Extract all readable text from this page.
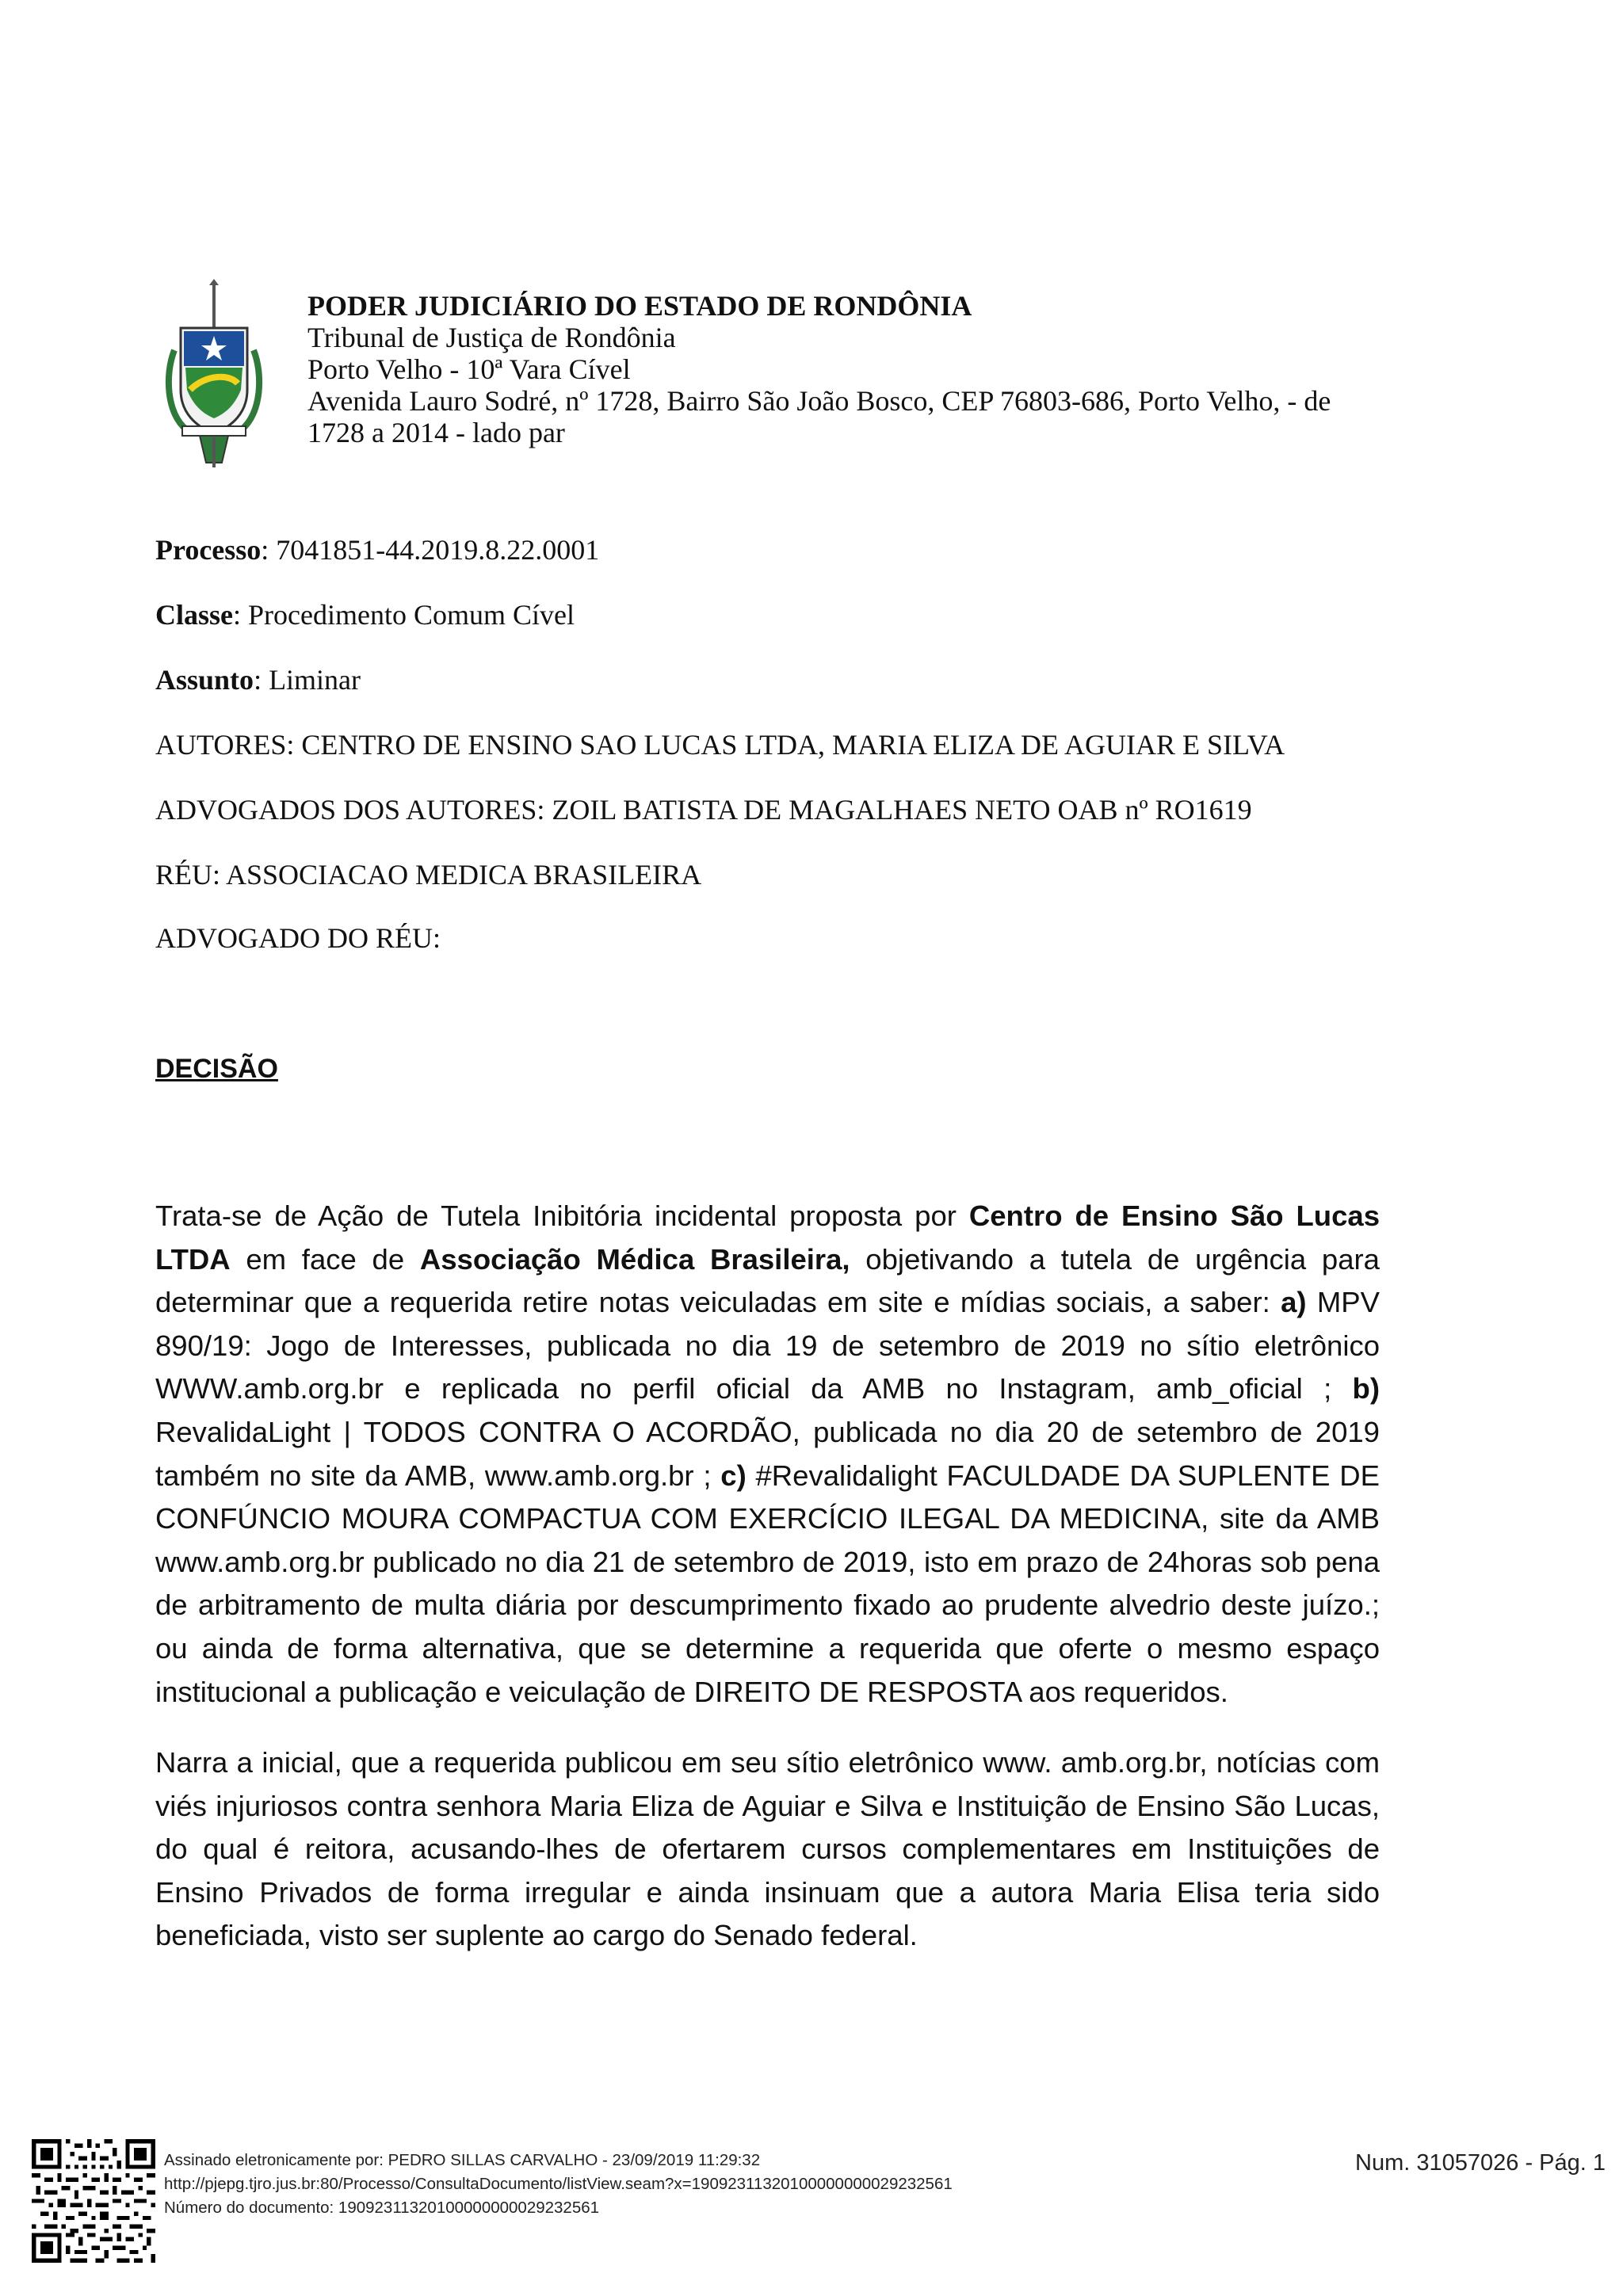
PODER JUDICIÁRIO DO ESTADO DE RONDÔNIA
Tribunal de Justiça de Rondônia
Porto Velho - 10ª Vara Cível
Avenida Lauro Sodré, nº 1728, Bairro São João Bosco, CEP 76803-686, Porto Velho, - de
1728 a 2014 - lado par
Processo: 7041851-44.2019.8.22.0001
Classe: Procedimento Comum Cível
Assunto: Liminar
AUTORES: CENTRO DE ENSINO SAO LUCAS LTDA, MARIA ELIZA DE AGUIAR E SILVA
ADVOGADOS DOS AUTORES: ZOIL BATISTA DE MAGALHAES NETO OAB nº RO1619
RÉU: ASSOCIACAO MEDICA BRASILEIRA
ADVOGADO DO RÉU:
DECISÃO
Trata-se de Ação de Tutela Inibitória incidental proposta por Centro de Ensino São Lucas LTDA em face de Associação Médica Brasileira, objetivando a tutela de urgência para determinar que a requerida retire notas veiculadas em site e mídias sociais, a saber: a) MPV 890/19: Jogo de Interesses, publicada no dia 19 de setembro de 2019 no sítio eletrônico WWW.amb.org.br e replicada no perfil oficial da AMB no Instagram, amb_oficial ; b) RevalidaLight | TODOS CONTRA O ACORDÃO, publicada no dia 20 de setembro de 2019 também no site da AMB, www.amb.org.br ; c) #Revalidalight FACULDADE DA SUPLENTE DE CONFÚNCIO MOURA COMPACTUA COM EXERCÍCIO ILEGAL DA MEDICINA, site da AMB www.amb.org.br publicado no dia 21 de setembro de 2019, isto em prazo de 24horas sob pena de arbitramento de multa diária por descumprimento fixado ao prudente alvedrio deste juízo.; ou ainda de forma alternativa, que se determine a requerida que oferte o mesmo espaço institucional a publicação e veiculação de DIREITO DE RESPOSTA aos requeridos.
Narra a inicial, que a requerida publicou em seu sítio eletrônico www. amb.org.br, notícias com viés injuriosos contra senhora Maria Eliza de Aguiar e Silva e Instituição de Ensino São Lucas, do qual é reitora, acusando-lhes de ofertarem cursos complementares em Instituições de Ensino Privados de forma irregular e ainda insinuam que a autora Maria Elisa teria sido beneficiada, visto ser suplente ao cargo do Senado federal.
Assinado eletronicamente por: PEDRO SILLAS CARVALHO - 23/09/2019 11:29:32
http://pjepg.tjro.jus.br:80/Processo/ConsultaDocumento/listView.seam?x=19092311320100000000029232561
Número do documento: 19092311320100000000029232561
Num. 31057026 - Pág. 1
